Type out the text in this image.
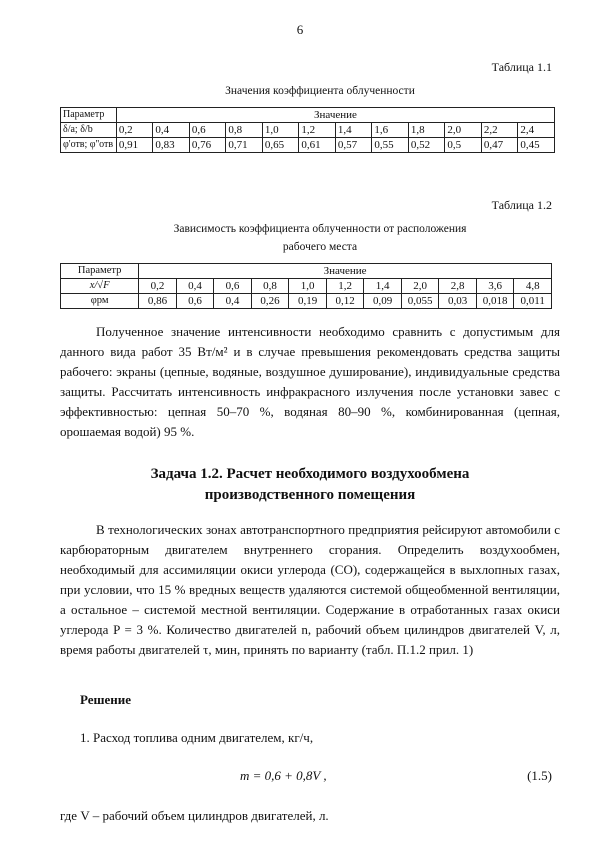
6
Таблица 1.1
Значения коэффициента облученности
Параметр	Значение											
δ/a; δ/b	0,2	0,4	0,6	0,8	1,0	1,2	1,4	1,6	1,8	2,0	2,2	2,4
φ'отв; φ''отв	0,91	0,83	0,76	0,71	0,65	0,61	0,57	0,55	0,52	0,5	0,47	0,45
Таблица 1.2
Зависимость коэффициента облученности от расположения
рабочего места
Параметр	Значение										
x/√F	0,2	0,4	0,6	0,8	1,0	1,2	1,4	2,0	2,8	3,6	4,8
φрм	0,86	0,6	0,4	0,26	0,19	0,12	0,09	0,055	0,03	0,018	0,011

Полученное значение интенсивности необходимо сравнить с допустимым для данного вида работ 35 Вт/м² и в случае превышения рекомендовать средства защиты рабочего: экраны (цепные, водяные, воздушное душирование), индивидуальные средства защиты. Рассчитать интенсивность инфракрасного излучения после установки завес с эффективностью: цепная 50–70 %, водяная 80–90 %, комбинированная (цепная, орошаемая водой) 95 %.

Задача 1.2. Расчет необходимого воздухообмена
производственного помещения

В технологических зонах автотранспортного предприятия рейсируют автомобили с карбюраторным двигателем внутреннего сгорания. Определить воздухообмен, необходимый для ассимиляции окиси углерода (СО), содержащейся в выхлопных газах, при условии, что 15 % вредных веществ удаляются системой общеобменной вентиляции, а остальное – системой местной вентиляции. Содержание в отработанных газах окиси углерода P = 3 %. Количество двигателей n, рабочий объем цилиндров двигателей V, л, время работы двигателей τ, мин, принять по варианту (табл. П.1.2 прил. 1)

Решение
1. Расход топлива одним двигателем, кг/ч,
m = 0,6 + 0,8V ,	(1.5)
где V – рабочий объем цилиндров двигателей, л.
